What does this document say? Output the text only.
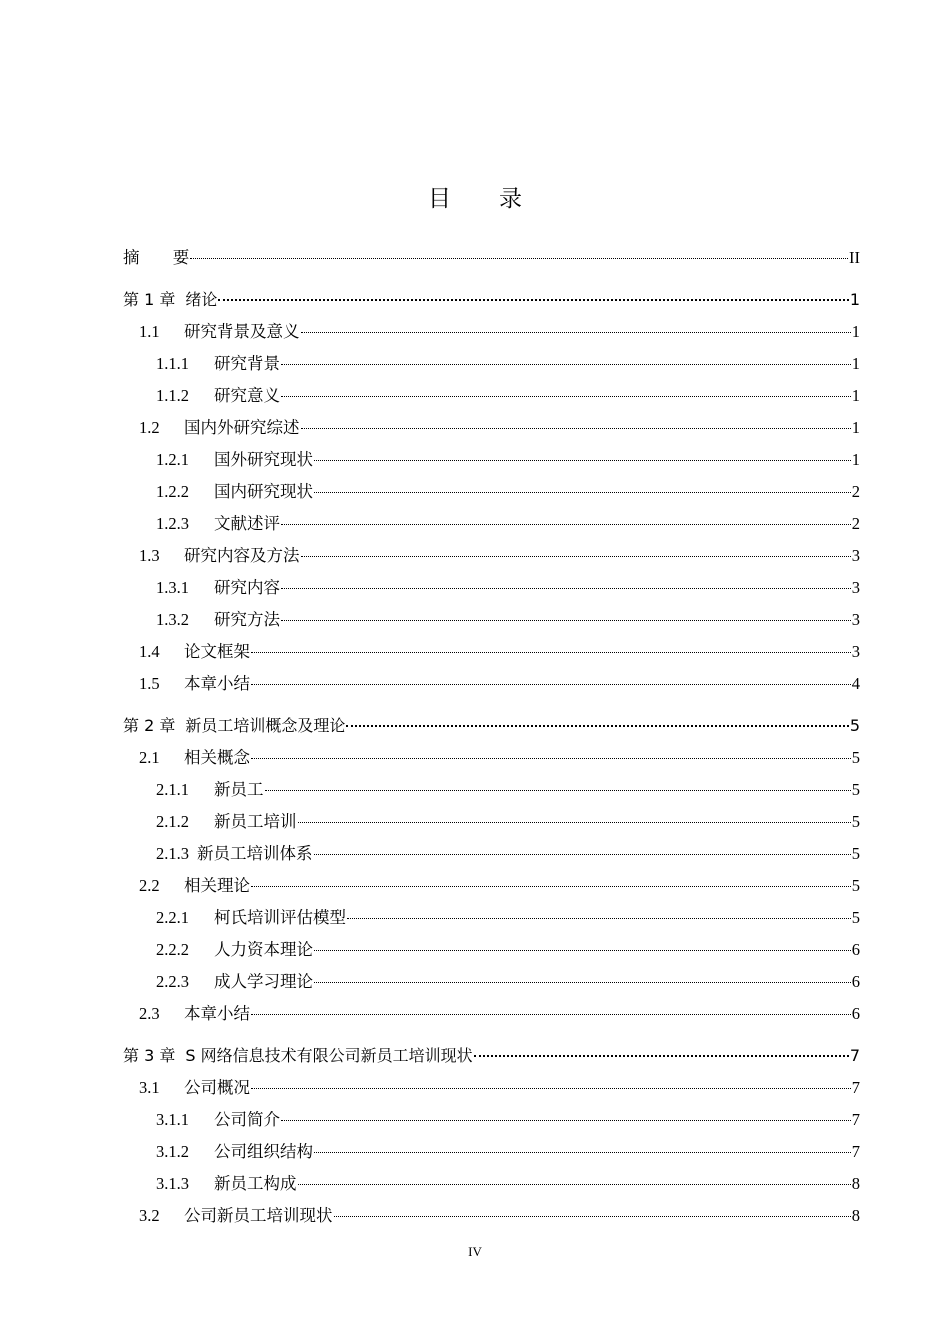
目 录
摘 要	II
第 1 章 绪论	1
1.1	研究背景及意义	1
1.1.1	研究背景	1
1.1.2	研究意义	1
1.2	国内外研究综述	1
1.2.1	国外研究现状	1
1.2.2	国内研究现状	2
1.2.3	文献述评	2
1.3	研究内容及方法	3
1.3.1	研究内容	3
1.3.2	研究方法	3
1.4	论文框架	3
1.5	本章小结	4
第 2 章 新员工培训概念及理论	5
2.1	相关概念	5
2.1.1	新员工	5
2.1.2	新员工培训	5
2.1.3 新员工培训体系	5
2.2	相关理论	5
2.2.1	柯氏培训评估模型	5
2.2.2	人力资本理论	6
2.2.3	成人学习理论	6
2.3	本章小结	6
第 3 章 S 网络信息技术有限公司新员工培训现状	7
3.1	公司概况	7
3.1.1	公司简介	7
3.1.2	公司组织结构	7
3.1.3	新员工构成	8
3.2	公司新员工培训现状	8
IV
